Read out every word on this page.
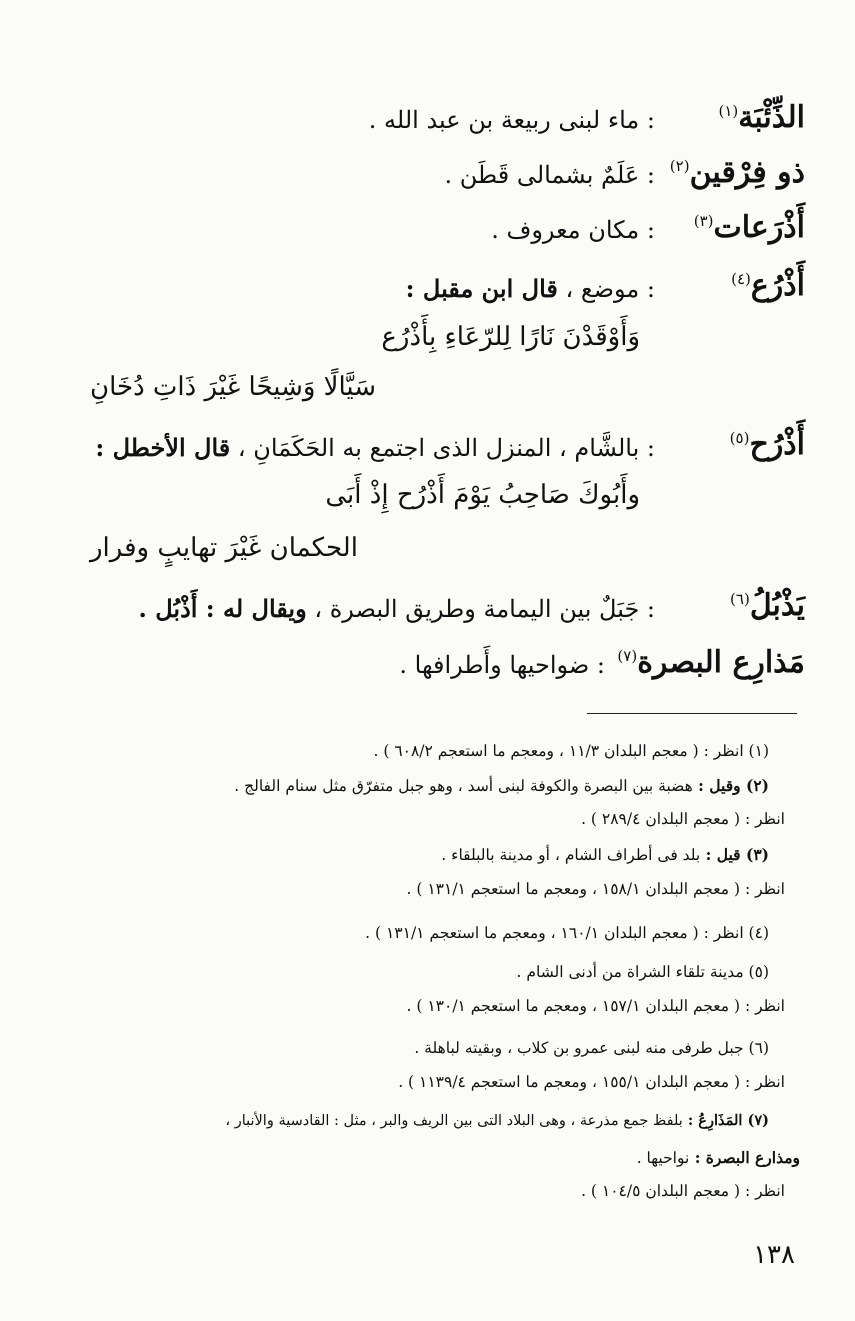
الذِّئْبَة$^{(١)}$
: ماء لبنى ربيعة بن عبد الله .
ذو فِرْقين$^{(٢)}$
: عَلَمٌ بشمالى قَطَن .
أَذْرَعات$^{(٣)}$
: مكان معروف .
أَذْرُع$^{(٤)}$
: موضع ، قال ابن مقبل :
وَأَوْقَدْنَ نَارًا لِلرّعَاءِ بِأَذْرُع
سَيَّالًا وَشِيحًا غَيْرَ ذَاتِ دُخَانِ
أَذْرُح$^{(٥)}$
: بالشَّام ، المنزل الذى اجتمع به الحَكَمَانِ ، قال الأخطل :
وأَبُوكَ صَاحِبُ يَوْمَ أَذْرُح إِذْ أَبَى
الحكمان غَيْرَ تهايبٍ وفرار
يَذْبُلُ$^{(٦)}$
: جَبَلٌ بين اليمامة وطريق البصرة ، ويقال له : أَذْبُل .
مَذارِع البصرة$^{(٧)}$
: ضواحيها وأَطرافها .
(١) انظر : ( معجم البلدان ١١/٣ ، ومعجم ما استعجم ٦٠٨/٢ ) .
(٢) وقيل : هضبة بين البصرة والكوفة لبنى أسد ، وهو جبل متفرّق مثل سنام الفالج .
انظر : ( معجم البلدان ٢٨٩/٤ ) .
(٣) قيل : بلد فى أطراف الشام ، أو مدينة بالبلقاء .
انظر : ( معجم البلدان ١٥٨/١ ، ومعجم ما استعجم ١٣١/١ ) .
(٤) انظر : ( معجم البلدان ١٦٠/١ ، ومعجم ما استعجم ١٣١/١ ) .
(٥) مدينة تلقاء الشراة من أدنى الشام .
انظر : ( معجم البلدان ١٥٧/١ ، ومعجم ما استعجم ١٣٠/١ ) .
(٦) جبل طرفى منه لبنى عمرو بن كلاب ، وبقيته لباهلة .
انظر : ( معجم البلدان ١٥٥/١ ، ومعجم ما استعجم ١١٣٩/٤ ) .
(٧) المَذَارِعُ : بلفظ جمع مذرعة ، وهى البلاد التى بين الريف والبر ، مثل : القادسية والأنبار ،
ومذارع البصرة : نواحيها .
انظر : ( معجم البلدان ١٠٤/٥ ) .
١٣٨
